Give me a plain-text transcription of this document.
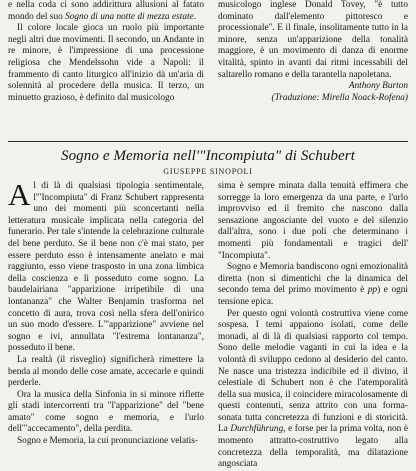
e nella coda ci sono addirittura allusioni al fatato mondo del suo Sogno di una notte di mezza estate.

Il colore locale gioca un ruolo più importante negli altri due movimenti. Il secondo, un Andante in re minore, è l'impressione di una processione religiosa che Mendelssohn vide a Napoli: il frammento di canto liturgico all'inizio dà un'aria di solennità al procedere della musica. Il terzo, un minuetto grazioso, è definito dal musicologo

musicologo inglese Donald Tovey, "è tutto dominato dall'elemento pittoresco e processionale". E il finale, insolitamente tutto in la minore, senza un'apparizione della tonalità maggiore, è un movimento di danza di enorme vitalità, spinto in avanti dai ritmi incessabili del saltarello romano e della tarantella napoletana.

Anthony Burton

(Traduzione: Mirella Noack-Rofena)

Sogno e Memoria nell'"Incompiuta" di Schubert
GIUSEPPE SINOPOLI

Al di là di qualsiasi tipologia sentimentale, l'"Incompiuta" di Franz Schubert rappresenta uno dei momenti più sconcertanti nella letteratura musicale implicata nella categoria del funerario. Per tale s'intende la celebrazione culturale del bene perduto. Se il bene non c'è mai stato, per essere perduto esso è intensamente anelato e mai raggiunto, esso viene trasposto in una zona limbica della coscienza e lì posseduto come sogno. La baudelairiana "apparizione irripetibile di una lontananza" che Walter Benjamin trasforma nel concetto di aura, trova così nella sfera dell'onirico un suo modo d'essere. L'"apparizione" avviene nel sogno e ivi, annullata "l'estrema lontananza", posseduto il bene.

La realtà (il risveglio) significherà rimettere la benda al mondo delle cose amate, accecarle e quindi perderle.

Ora la musica della Sinfonia in si minore riflette gli stadi intercorrenti tra "l'apparizione" del "bene amato" come sogno e memoria, e l'urlo dell'"accecamento", della perdita.

Sogno e Memoria, la cui pronunciazione velatis-

sima è sempre minata dalla tenuità effimera che sorregge la loro emergenza da una parte, e l'urlo improvviso ed il fremito che nascono dalla sensazione angosciante del vuoto e del silenzio dall'altra, sono i due poli che determinano i momenti più fondamentali e tragici dell' "Incompiuta".

Sogno e Memoria bandiscono ogni emozionalità diretta (non si dimentichi che la dinamica del secondo tema del primo movimento è pp) e ogni tensione epica.

Per questo ogni volontà costruttiva viene come sospesa. I temi appaiono isolati, come delle monadi, al di là di qualsiasi rapporto col tempo. Sono delle melodie vaganti in cui la idea e la volontà di sviluppo cedono al desiderio del canto. Ne nasce una tristezza indicibile ed il divino, il celestiale di Schubert non è che l'atemporalità della sua musica, il coincidere miracolosamente di questi contenuti, senza attrito con una forma-sonata tutta concretezza di funzioni e di storicità. La Durchführung, e forse per la prima volta, non è momento attratto-costruttivo legato alla concretezza della temporalità, ma dilatazione angosciata
